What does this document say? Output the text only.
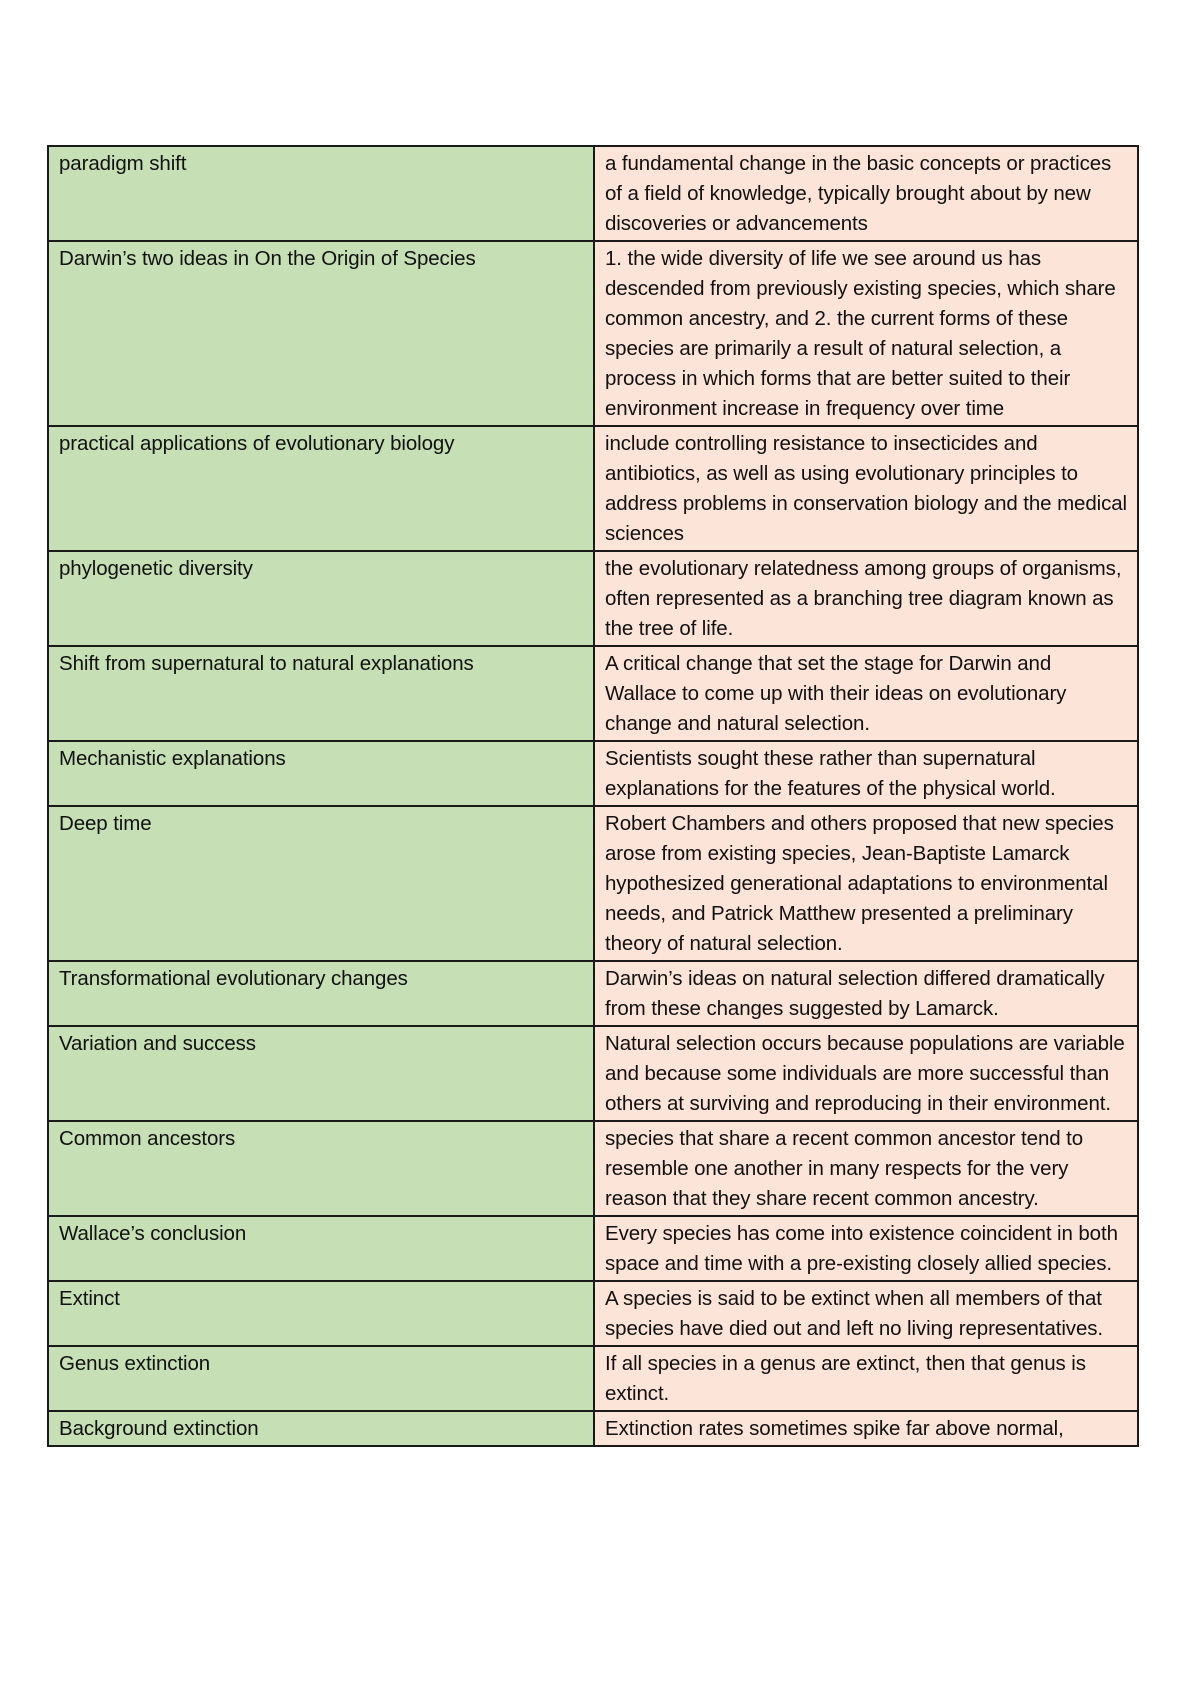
paradigm shift	a fundamental change in the basic concepts or practices of a field of knowledge, typically brought about by new discoveries or advancements
Darwin’s two ideas in On the Origin of Species	1. the wide diversity of life we see around us has descended from previously existing species, which share common ancestry, and 2. the current forms of these species are primarily a result of natural selection, a process in which forms that are better suited to their environment increase in frequency over time
practical applications of evolutionary biology	include controlling resistance to insecticides and antibiotics, as well as using evolutionary principles to address problems in conservation biology and the medical sciences
phylogenetic diversity	the evolutionary relatedness among groups of organisms, often represented as a branching tree diagram known as the tree of life.
Shift from supernatural to natural explanations	A critical change that set the stage for Darwin and Wallace to come up with their ideas on evolutionary change and natural selection.
Mechanistic explanations	Scientists sought these rather than supernatural explanations for the features of the physical world.
Deep time	Robert Chambers and others proposed that new species arose from existing species, Jean-Baptiste Lamarck hypothesized generational adaptations to environmental needs, and Patrick Matthew presented a preliminary theory of natural selection.
Transformational evolutionary changes	Darwin’s ideas on natural selection differed dramatically from these changes suggested by Lamarck.
Variation and success	Natural selection occurs because populations are variable and because some individuals are more successful than others at surviving and reproducing in their environment.
Common ancestors	species that share a recent common ancestor tend to resemble one another in many respects for the very reason that they share recent common ancestry.
Wallace’s conclusion	Every species has come into existence coincident in both space and time with a pre-existing closely allied species.
Extinct	A species is said to be extinct when all members of that species have died out and left no living representatives.
Genus extinction	If all species in a genus are extinct, then that genus is extinct.
Background extinction	Extinction rates sometimes spike far above normal,
